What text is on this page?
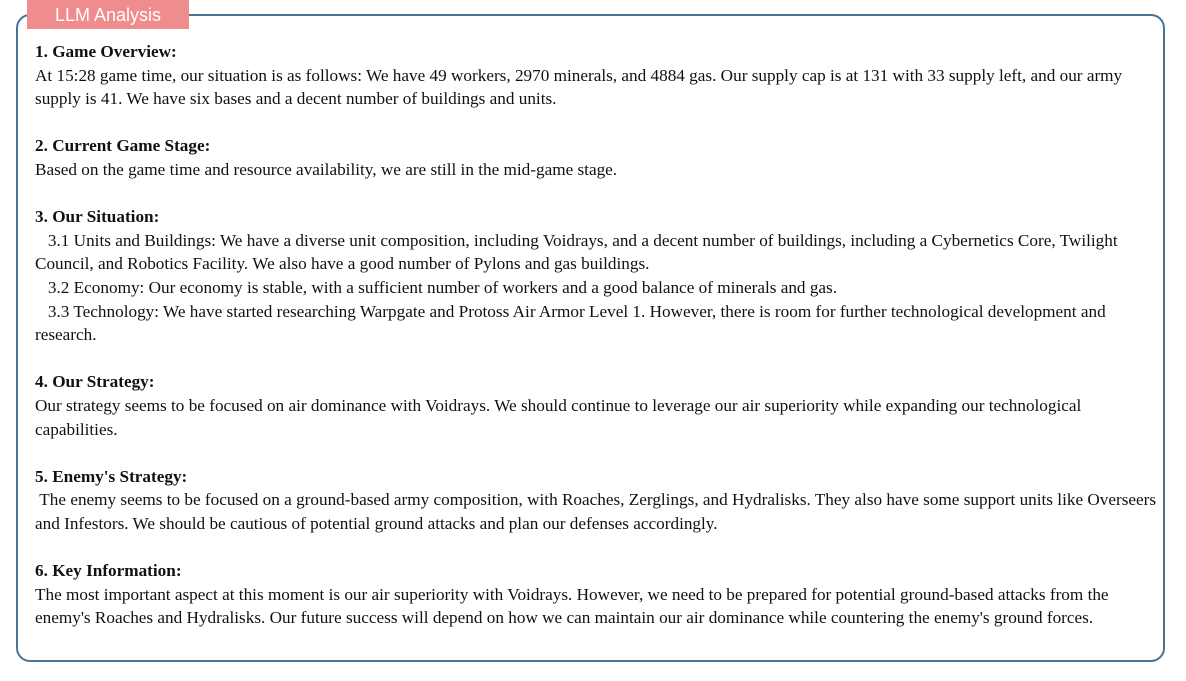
LLM Analysis
1. Game Overview:
At 15:28 game time, our situation is as follows: We have 49 workers, 2970 minerals, and 4884 gas. Our supply cap is at 131 with 33 supply left, and our army supply is 41. We have six bases and a decent number of buildings and units.
2. Current Game Stage:
Based on the game time and resource availability, we are still in the mid-game stage.
3. Our Situation:
3.1 Units and Buildings: We have a diverse unit composition, including Voidrays, and a decent number of buildings, including a Cybernetics Core, Twilight Council, and Robotics Facility. We also have a good number of Pylons and gas buildings.
3.2 Economy: Our economy is stable, with a sufficient number of workers and a good balance of minerals and gas.
3.3 Technology: We have started researching Warpgate and Protoss Air Armor Level 1. However, there is room for further technological development and research.
4. Our Strategy:
Our strategy seems to be focused on air dominance with Voidrays. We should continue to leverage our air superiority while expanding our technological capabilities.
5. Enemy's Strategy:
The enemy seems to be focused on a ground-based army composition, with Roaches, Zerglings, and Hydralisks. They also have some support units like Overseers and Infestors. We should be cautious of potential ground attacks and plan our defenses accordingly.
6. Key Information:
The most important aspect at this moment is our air superiority with Voidrays. However, we need to be prepared for potential ground-based attacks from the enemy's Roaches and Hydralisks. Our future success will depend on how we can maintain our air dominance while countering the enemy's ground forces.
